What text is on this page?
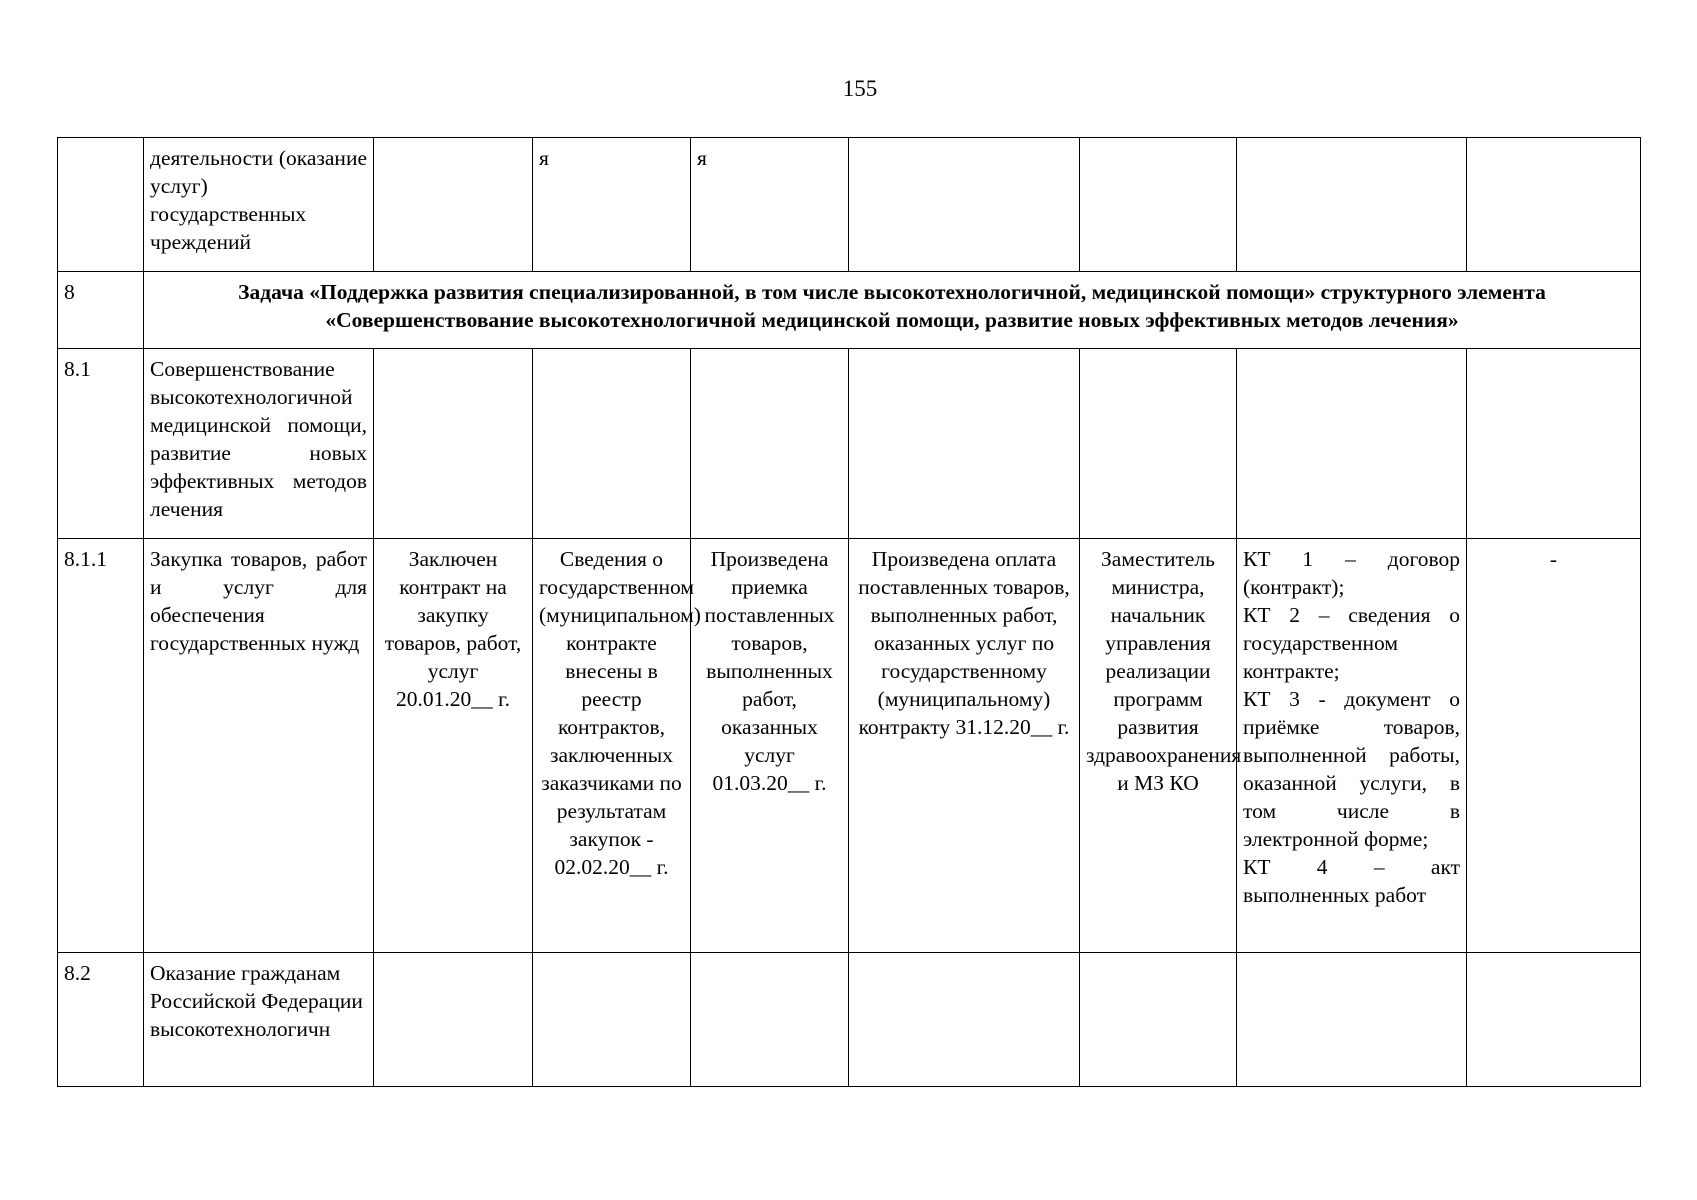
155
	деятельности (оказание услуг) государственных чреждений		я	я				
8	Задача «Поддержка развития специализированной, в том числе высокотехнологичной, медицинской помощи» структурного элемента «Совершенствование высокотехнологичной медицинской помощи, развитие новых эффективных методов лечения»							
8.1	Совершенствование высокотехнологичной медицинской помощи, развитие новых эффективных методов лечения							
8.1.1	Закупка товаров, работ и услуг для обеспечения государственных нужд	Заключен контракт на закупку товаров, работ, услуг 20.01.20__ г.	Сведения о государственном (муниципальном) контракте внесены в реестр контрактов, заключенных заказчиками по результатам закупок - 02.02.20__ г.	Произведена приемка поставленных товаров, выполненных работ, оказанных услуг 01.03.20__ г.	Произведена оплата поставленных товаров, выполненных работ, оказанных услуг по государственному (муниципальному) контракту 31.12.20__ г.	Заместитель министра, начальник управления реализации программ развития здравоохранения и МЗ КО	КТ 1 – договор (контракт);
КТ 2 – сведения о государственном контракте;
КТ 3 - документ о приёмке товаров, выполненной работы, оказанной услуги, в том числе в электронной форме;
КТ 4 – акт выполненных работ	-
8.2	Оказание гражданам Российской Федерации высокотехнологичн							
